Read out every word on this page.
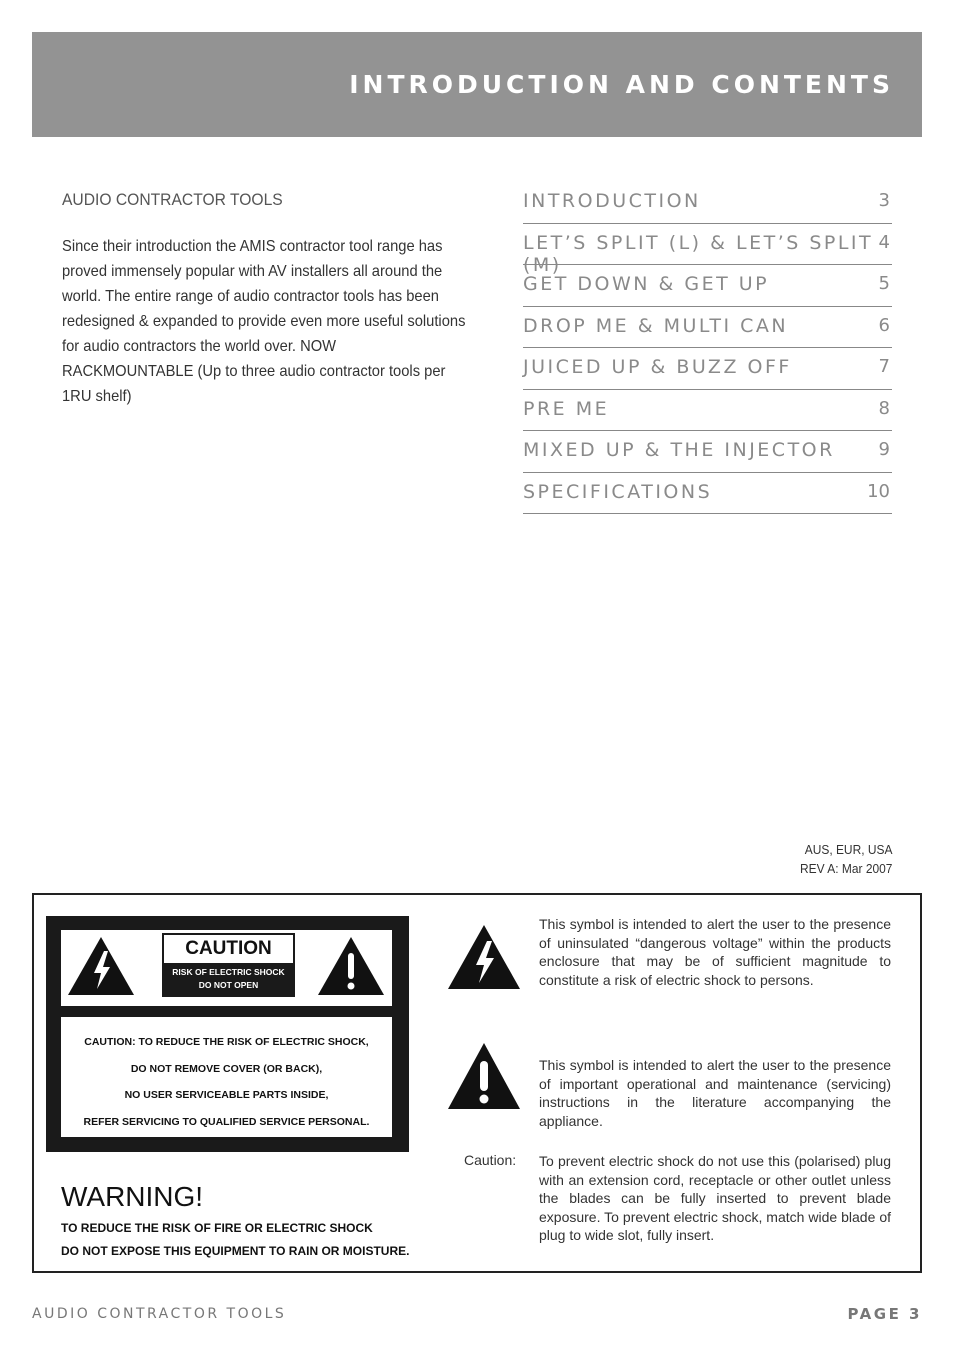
INTRODUCTION AND CONTENTS
AUDIO CONTRACTOR TOOLS
Since their introduction the AMIS contractor tool range has proved immensely popular with AV installers all around the world. The entire range of audio contractor tools has been redesigned & expanded to provide even more useful solutions for audio contractors the world over. NOW RACKMOUNTABLE (Up to three audio contractor tools per 1RU shelf)
INTRODUCTION	3
LET’S SPLIT (L) & LET’S SPLIT (M)
4
GET DOWN & GET UP	5
DROP ME & MULTI CAN	6
JUICED UP & BUZZ OFF	7
PRE ME	8
MIXED UP & THE INJECTOR 9
SPECIFICATIONS	10
AUS, EUR, USA
REV A: Mar 2007
CAUTION
RISK OF ELECTRIC SHOCK
DO NOT OPEN
CAUTION: TO REDUCE THE RISK OF ELECTRIC SHOCK,
DO NOT REMOVE COVER (OR BACK),
NO USER SERVICEABLE PARTS INSIDE,
REFER SERVICING TO QUALIFIED SERVICE PERSONAL.
WARNING!
TO REDUCE THE RISK OF FIRE OR ELECTRIC SHOCK
DO NOT EXPOSE THIS EQUIPMENT TO RAIN OR MOISTURE.
This symbol is intended to alert the user to the presence of uninsulated “dangerous voltage” within the products enclosure that may be of sufficient magnitude to constitute a risk of electric shock to persons.
This symbol is intended to alert the user to the presence of important operational and maintenance (servicing) instructions in the literature accompanying the appliance.
Caution: To prevent electric shock do not use this (polarised) plug with an extension cord, receptacle or other outlet unless the blades can be fully inserted to prevent blade exposure. To prevent electric shock, match wide blade of plug to wide slot, fully insert.
AUDIO CONTRACTOR TOOLS	PAGE 3
